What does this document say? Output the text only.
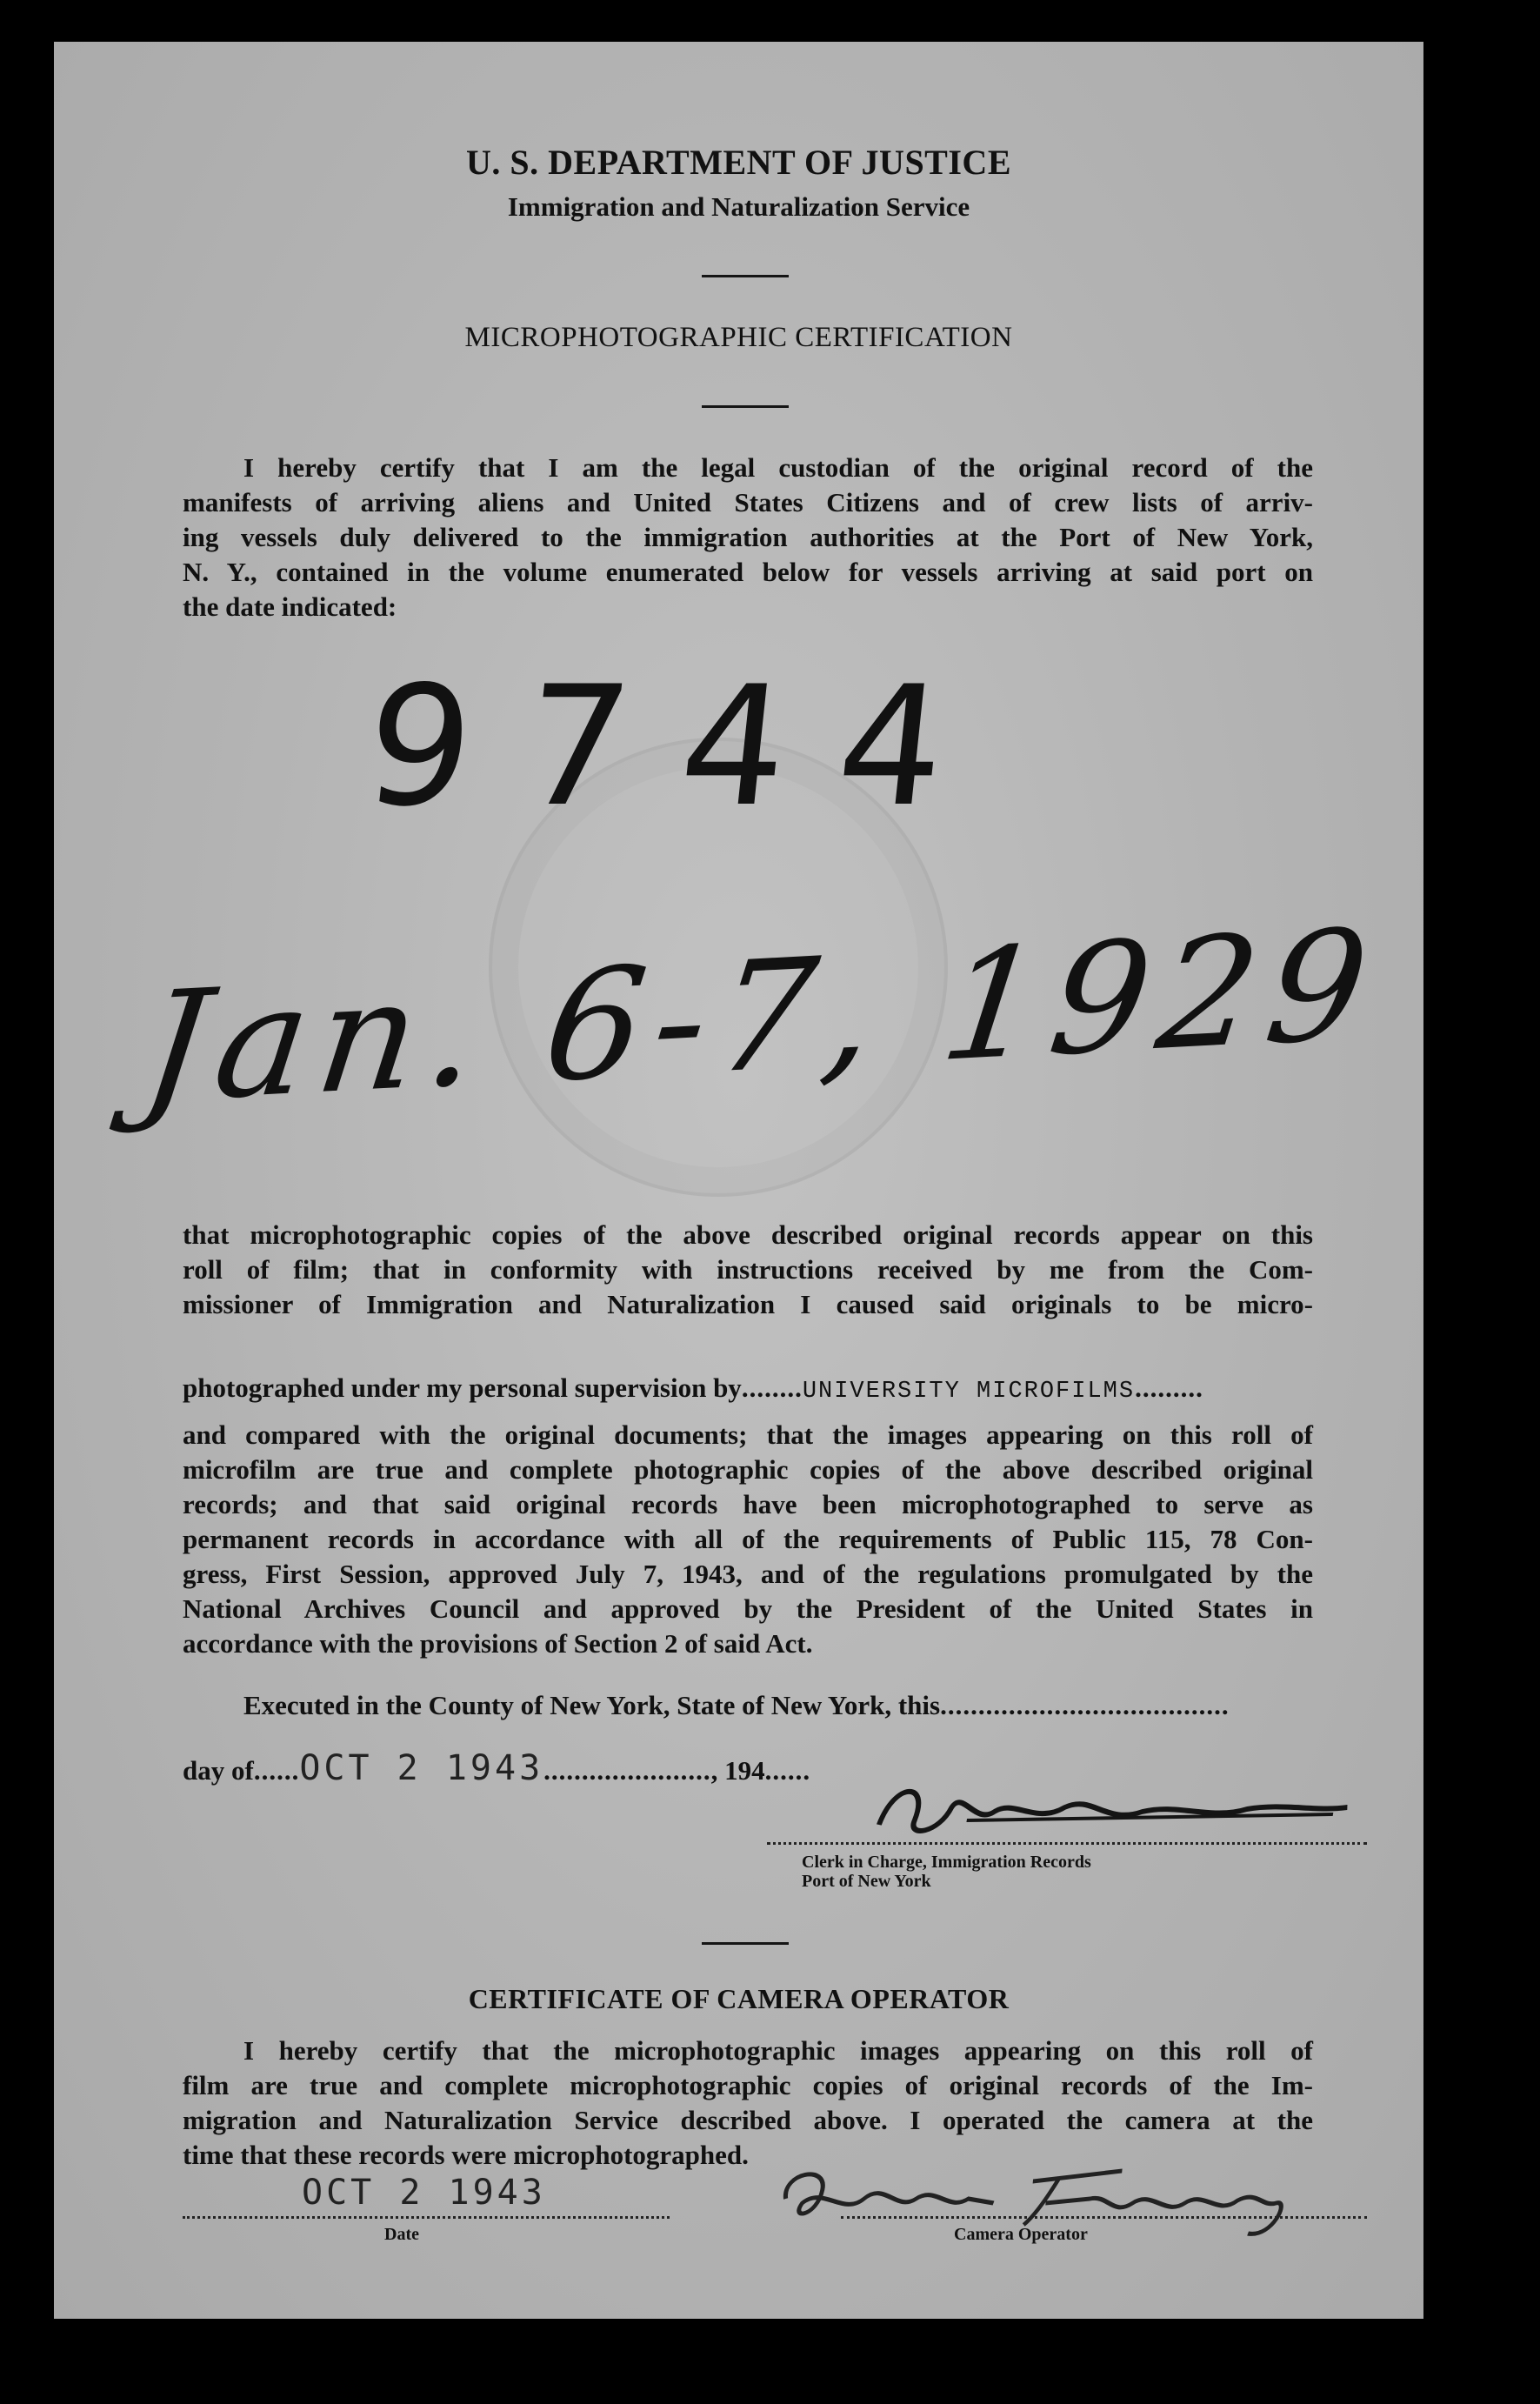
U. S. DEPARTMENT OF JUSTICE
Immigration and Naturalization Service
MICROPHOTOGRAPHIC CERTIFICATION
I hereby certify that I am the legal custodian of the original record of the
manifests of arriving aliens and United States Citizens and of crew lists of arriv-
ing vessels duly delivered to the immigration authorities at the Port of New York,
N. Y., contained in the volume enumerated below for vessels arriving at said port on
the date indicated:
9744
Jan. 6-7, 1929
that microphotographic copies of the above described original records appear on this
roll of film; that in conformity with instructions received by me from the Com-
missioner of Immigration and Naturalization I caused said originals to be micro-
photographed under my personal supervision by........UNIVERSITY MICROFILMS.........
and compared with the original documents; that the images appearing on this roll of
microfilm are true and complete photographic copies of the above described original
records; and that said original records have been microphotographed to serve as
permanent records in accordance with all of the requirements of Public 115, 78 Con-
gress, First Session, approved July 7, 1943, and of the regulations promulgated by the
National Archives Council and approved by the President of the United States in
accordance with the provisions of Section 2 of said Act.
Executed in the County of New York, State of New York, this......................................
day of......OCT 2 1943......................, 194......
Clerk in Charge, Immigration Records
Port of New York
CERTIFICATE OF CAMERA OPERATOR
I hereby certify that the microphotographic images appearing on this roll of
film are true and complete microphotographic copies of original records of the Im-
migration and Naturalization Service described above. I operated the camera at the
time that these records were microphotographed.
OCT 2 1943
Date	Camera Operator
